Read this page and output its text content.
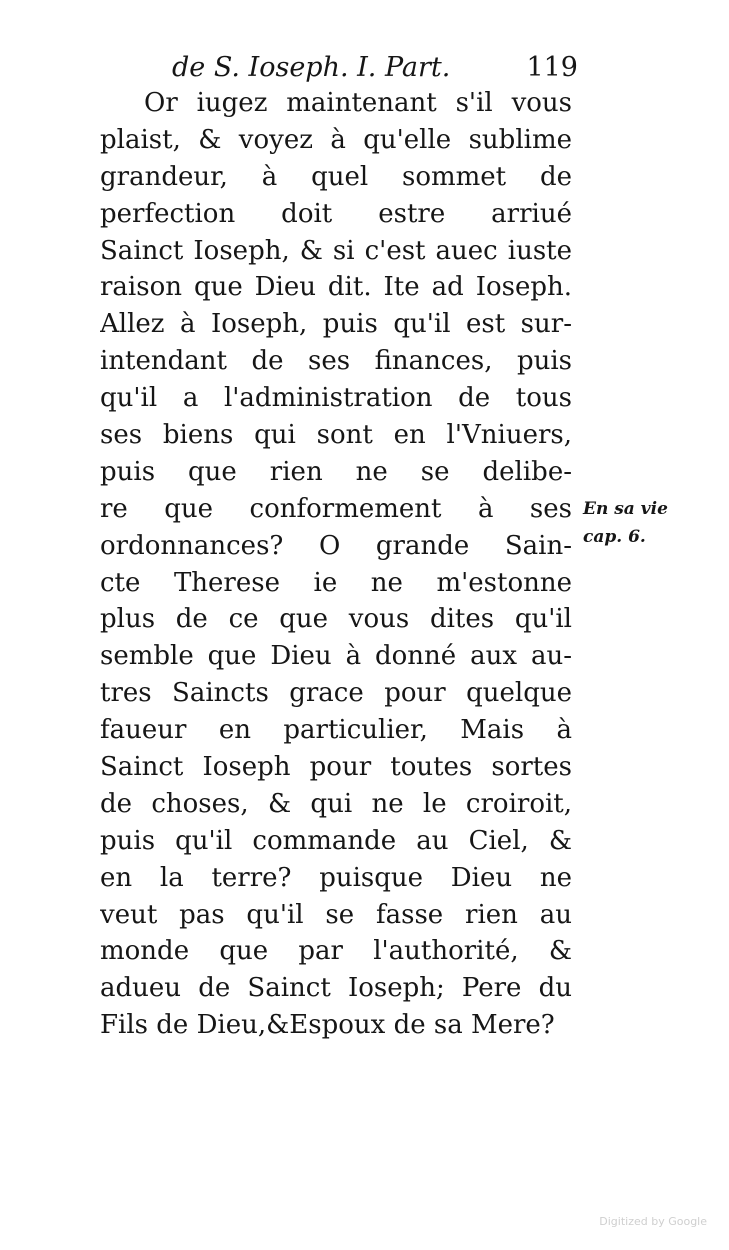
de S. Ioseph. I. Part.	119
Or iugez maintenant s'il vous
plaist, & voyez à qu'elle sublime
grandeur, à quel sommet de
perfection doit estre arriué
Sainct Ioseph, & si c'est auec iuste
raison que Dieu dit. Ite ad Ioseph.
Allez à Ioseph, puis qu'il est sur-
intendant de ses finances, puis
qu'il a l'administration de tous
ses biens qui sont en l'Vniuers,
puis que rien ne se delibe-
re que conformement à ses
ordonnances? O grande Sain-
cte Therese ie ne m'estonne
plus de ce que vous dites qu'il
semble que Dieu à donné aux au-
tres Saincts grace pour quelque
faueur en particulier, Mais à
Sainct Ioseph pour toutes sortes
de choses, & qui ne le croiroit,
puis qu'il commande au Ciel, &
en la terre? puisque Dieu ne
veut pas qu'il se fasse rien au
monde que par l'authorité, &
adueu de Sainct Ioseph; Pere du
Fils de Dieu,&Espoux de sa Mere?
En sa vie
cap. 6.
Digitized by Google
